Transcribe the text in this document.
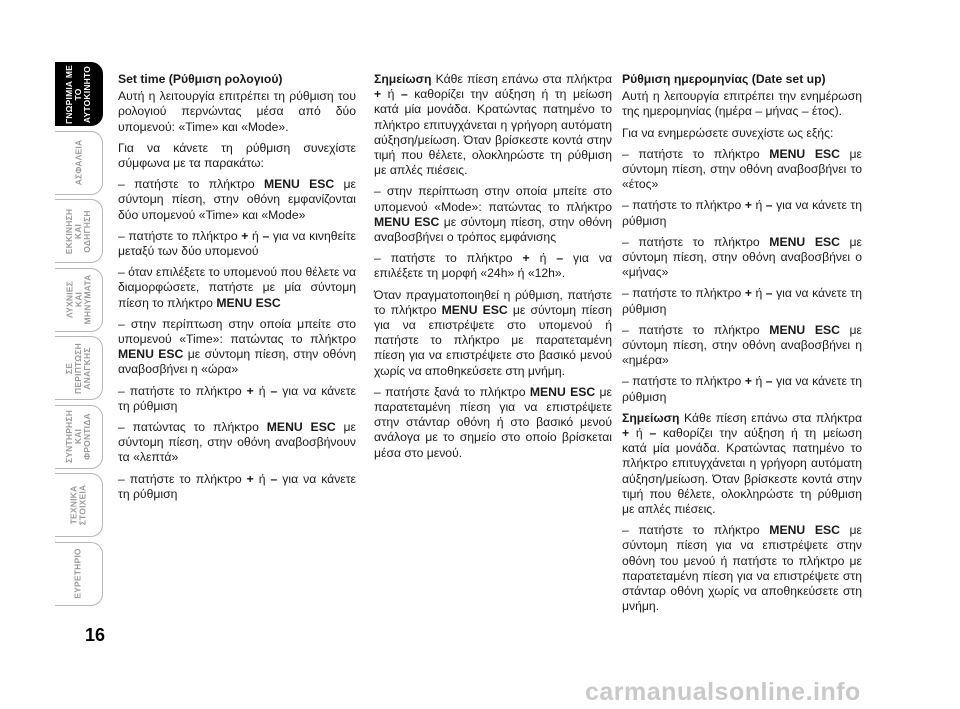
ΓΝΩΡΙΜΙΑ ΜΕ ΤΟ ΑΥΤΟΚΙΝΗΤΟ
ΑΣΦΑΛΕΙΑ
ΕΚΚΙΝΗΣΗ ΚΑΙ ΟΔΗΓΗΣΗ
ΛΥΧΝΙΕΣ ΚΑΙ ΜΗΝΥΜΑΤΑ
ΣΕ ΠΕΡΙΠΤΩΣΗ ΑΝΑΓΚΗΣ
ΣΥΝΤΗΡΗΣΗ ΚΑΙ ΦΡΟΝΤΙΔΑ
ΤΕΧΝΙΚΑ ΣΤΟΙΧΕΙΑ
ΕΥΡΕΤΗΡΙΟ
16

Set time (Ρύθμιση ρολογιού)

Αυτή η λειτουργία επιτρέπει τη ρύθμιση του ρολογιού περνώντας μέσα από δύο υπομενού: «Time» και «Mode».

Για να κάνετε τη ρύθμιση συνεχίστε σύμφωνα με τα παρακάτω:

– πατήστε το πλήκτρο MENU ESC με σύντομη πίεση, στην οθόνη εμφανίζονται δύο υπομενού «Time» και «Mode»

– πατήστε το πλήκτρο + ή – για να κινηθείτε μεταξύ των δύο υπομενού

– όταν επιλέξετε το υπομενού που θέλετε να διαμορφώσετε, πατήστε με μία σύντομη πίεση το πλήκτρο MENU ESC

– στην περίπτωση στην οποία μπείτε στο υπομενού «Time»: πατώντας το πλήκτρο MENU ESC με σύντομη πίεση, στην οθόνη αναβοσβήνει η «ώρα»

– πατήστε το πλήκτρο + ή – για να κάνετε τη ρύθμιση

– πατώντας το πλήκτρο MENU ESC με σύντομη πίεση, στην οθόνη αναβοσβήνουν τα «λεπτά»

– πατήστε το πλήκτρο + ή – για να κάνετε τη ρύθμιση

Σημείωση Κάθε πίεση επάνω στα πλήκτρα + ή – καθορίζει την αύξηση ή τη μείωση κατά μία μονάδα. Κρατώντας πατημένο το πλήκτρο επιτυγχάνεται η γρήγορη αυτόματη αύξηση/μείωση. Όταν βρίσκεστε κοντά στην τιμή που θέλετε, ολοκληρώστε τη ρύθμιση με απλές πιέσεις.

– στην περίπτωση στην οποία μπείτε στο υπομενού «Mode»: πατώντας το πλήκτρο MENU ESC με σύντομη πίεση, στην οθόνη αναβοσβήνει ο τρόπος εμφάνισης

– πατήστε το πλήκτρο + ή – για να επιλέξετε τη μορφή «24h» ή «12h».

Όταν πραγματοποιηθεί η ρύθμιση, πατήστε το πλήκτρο MENU ESC με σύντομη πίεση για να επιστρέψετε στο υπομενού ή πατήστε το πλήκτρο με παρατεταμένη πίεση για να επιστρέψετε στο βασικό μενού χωρίς να αποθηκεύσετε στη μνήμη.

– πατήστε ξανά το πλήκτρο MENU ESC με παρατεταμένη πίεση για να επιστρέψετε στην στάνταρ οθόνη ή στο βασικό μενού ανάλογα με το σημείο στο οποίο βρίσκεται μέσα στο μενού.

Ρύθμιση ημερομηνίας (Date set up)

Αυτή η λειτουργία επιτρέπει την ενημέρωση της ημερομηνίας (ημέρα – μήνας – έτος).

Για να ενημερώσετε συνεχίστε ως εξής:

– πατήστε το πλήκτρο MENU ESC με σύντομη πίεση, στην οθόνη αναβοσβήνει το «έτος»

– πατήστε το πλήκτρο + ή – για να κάνετε τη ρύθμιση

– πατήστε το πλήκτρο MENU ESC με σύντομη πίεση, στην οθόνη αναβοσβήνει ο «μήνας»

– πατήστε το πλήκτρο + ή – για να κάνετε τη ρύθμιση

– πατήστε το πλήκτρο MENU ESC με σύντομη πίεση, στην οθόνη αναβοσβήνει η «ημέρα»

– πατήστε το πλήκτρο + ή – για να κάνετε τη ρύθμιση

Σημείωση Κάθε πίεση επάνω στα πλήκτρα + ή – καθορίζει την αύξηση ή τη μείωση κατά μία μονάδα. Κρατώντας πατημένο το πλήκτρο επιτυγχάνεται η γρήγορη αυτόματη αύξηση/μείωση. Όταν βρίσκεστε κοντά στην τιμή που θέλετε, ολοκληρώστε τη ρύθμιση με απλές πιέσεις.

– πατήστε το πλήκτρο MENU ESC με σύντομη πίεση για να επιστρέψετε στην οθόνη του μενού ή πατήστε το πλήκτρο με παρατεταμένη πίεση για να επιστρέψετε στη στάνταρ οθόνη χωρίς να αποθηκεύσετε στη μνήμη.

carmanualsonline.info
